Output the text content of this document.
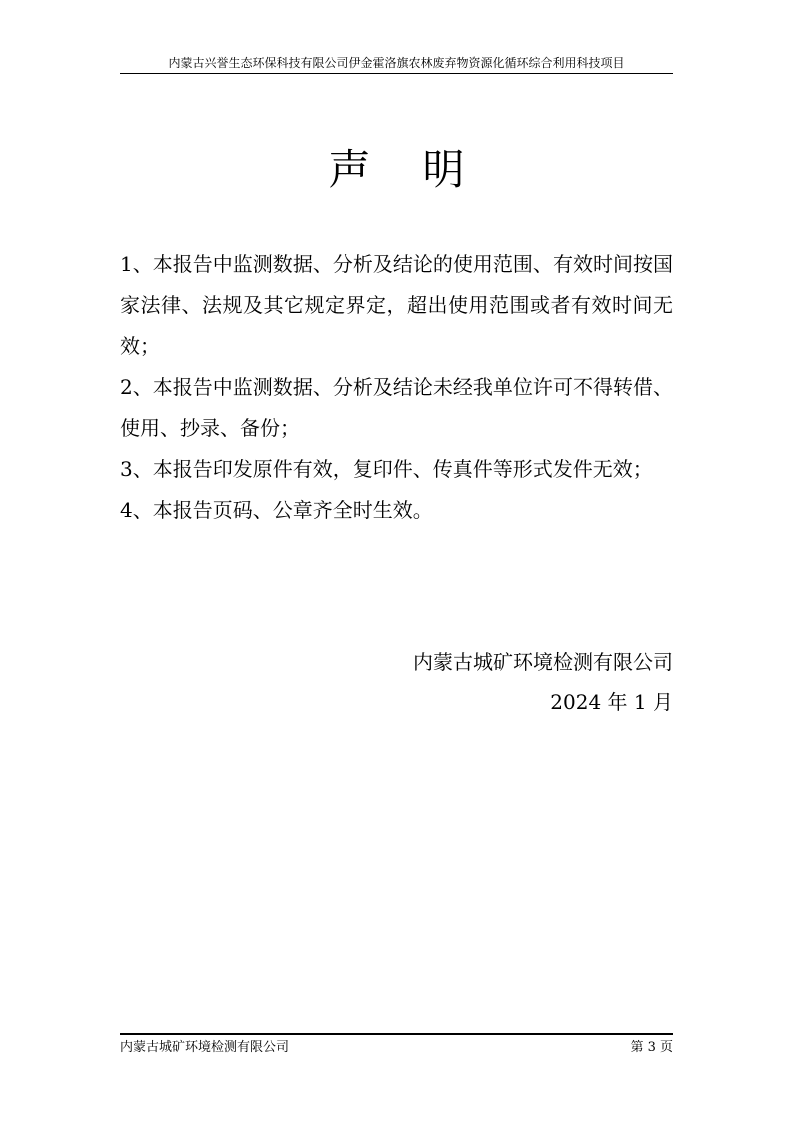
内蒙古兴誉生态环保科技有限公司伊金霍洛旗农林废弃物资源化循环综合利用科技项目
声明

1、本报告中监测数据、分析及结论的使用范围、有效时间按国家法律、法规及其它规定界定，超出使用范围或者有效时间无效；

2、本报告中监测数据、分析及结论未经我单位许可不得转借、使用、抄录、备份；

3、本报告印发原件有效，复印件、传真件等形式发件无效；

4、本报告页码、公章齐全时生效。

内蒙古城矿环境检测有限公司
2024 年 1 月
内蒙古城矿环境检测有限公司	第 3 页
